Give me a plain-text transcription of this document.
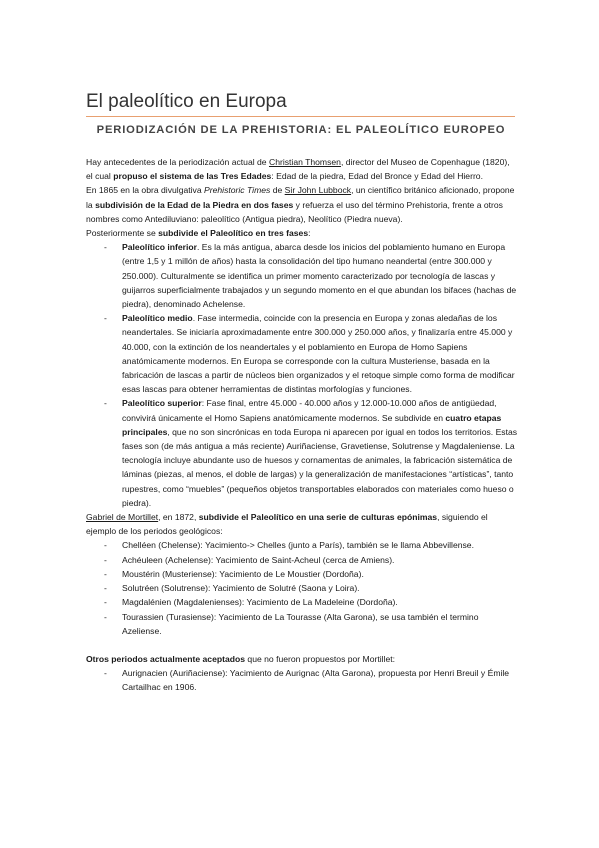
El paleolítico en Europa
PERIODIZACIÓN DE LA PREHISTORIA: EL PALEOLÍTICO EUROPEO

Hay antecedentes de la periodización actual de Christian Thomsen, director del Museo de Copenhague (1820), el cual propuso el sistema de las Tres Edades: Edad de la piedra, Edad del Bronce y Edad del Hierro.

En 1865 en la obra divulgativa Prehistoric Times de Sir John Lubbock, un científico británico aficionado, propone la subdivisión de la Edad de la Piedra en dos fases y refuerza el uso del término Prehistoria, frente a otros nombres como Antediluviano: paleolítico (Antigua piedra), Neolítico (Piedra nueva).

Posteriormente se subdivide el Paleolítico en tres fases:

- Paleolítico inferior. Es la más antigua, abarca desde los inicios del poblamiento humano en Europa (entre 1,5 y 1 millón de años) hasta la consolidación del tipo humano neandertal (entre 300.000 y 250.000). Culturalmente se identifica un primer momento caracterizado por tecnología de lascas y guijarros superficialmente trabajados y un segundo momento en el que abundan los bifaces (hachas de piedra), denominado Achelense.
- Paleolítico medio. Fase intermedia, coincide con la presencia en Europa y zonas aledañas de los neandertales. Se iniciaría aproximadamente entre 300.000 y 250.000 años, y finalizaría entre 45.000 y 40.000, con la extinción de los neandertales y el poblamiento en Europa de Homo Sapiens anatómicamente modernos. En Europa se corresponde con la cultura Musteriense, basada en la fabricación de lascas a partir de núcleos bien organizados y el retoque simple como forma de modificar esas lascas para obtener herramientas de distintas morfologías y funciones.
- Paleolítico superior: Fase final, entre 45.000 - 40.000 años y 12.000-10.000 años de antigüedad, convivirá únicamente el Homo Sapiens anatómicamente modernos. Se subdivide en cuatro etapas principales, que no son sincrónicas en toda Europa ni aparecen por igual en todos los territorios. Estas fases son (de más antigua a más reciente) Auriñaciense, Gravetiense, Solutrense y Magdaleniense. La tecnología incluye abundante uso de huesos y cornamentas de animales, la fabricación sistemática de láminas (piezas, al menos, el doble de largas) y la generalización de manifestaciones “artísticas”, tanto rupestres, como “muebles” (pequeños objetos transportables elaborados con materiales como hueso o piedra).

Gabriel de Mortillet, en 1872, subdivide el Paleolítico en una serie de culturas epónimas, siguiendo el ejemplo de los periodos geológicos:

- Chelléen (Chelense): Yacimiento-> Chelles (junto a París), también se le llama Abbevillense.
- Achéuleen (Achelense): Yacimiento de Saint-Acheul (cerca de Amiens).
- Moustérin (Musteriense): Yacimiento de Le Moustier (Dordoña).
- Solutréen (Solutrense): Yacimiento de Solutré (Saona y Loira).
- Magdalénien (Magdalenienses): Yacimiento de La Madeleine (Dordoña).
- Tourassien (Turasiense): Yacimiento de La Tourasse (Alta Garona), se usa también el termino Azeliense.

Otros periodos actualmente aceptados que no fueron propuestos por Mortillet:

- Aurignacien (Auriñaciense): Yacimiento de Aurignac (Alta Garona), propuesta por Henri Breuil y Émile Cartailhac en 1906.
